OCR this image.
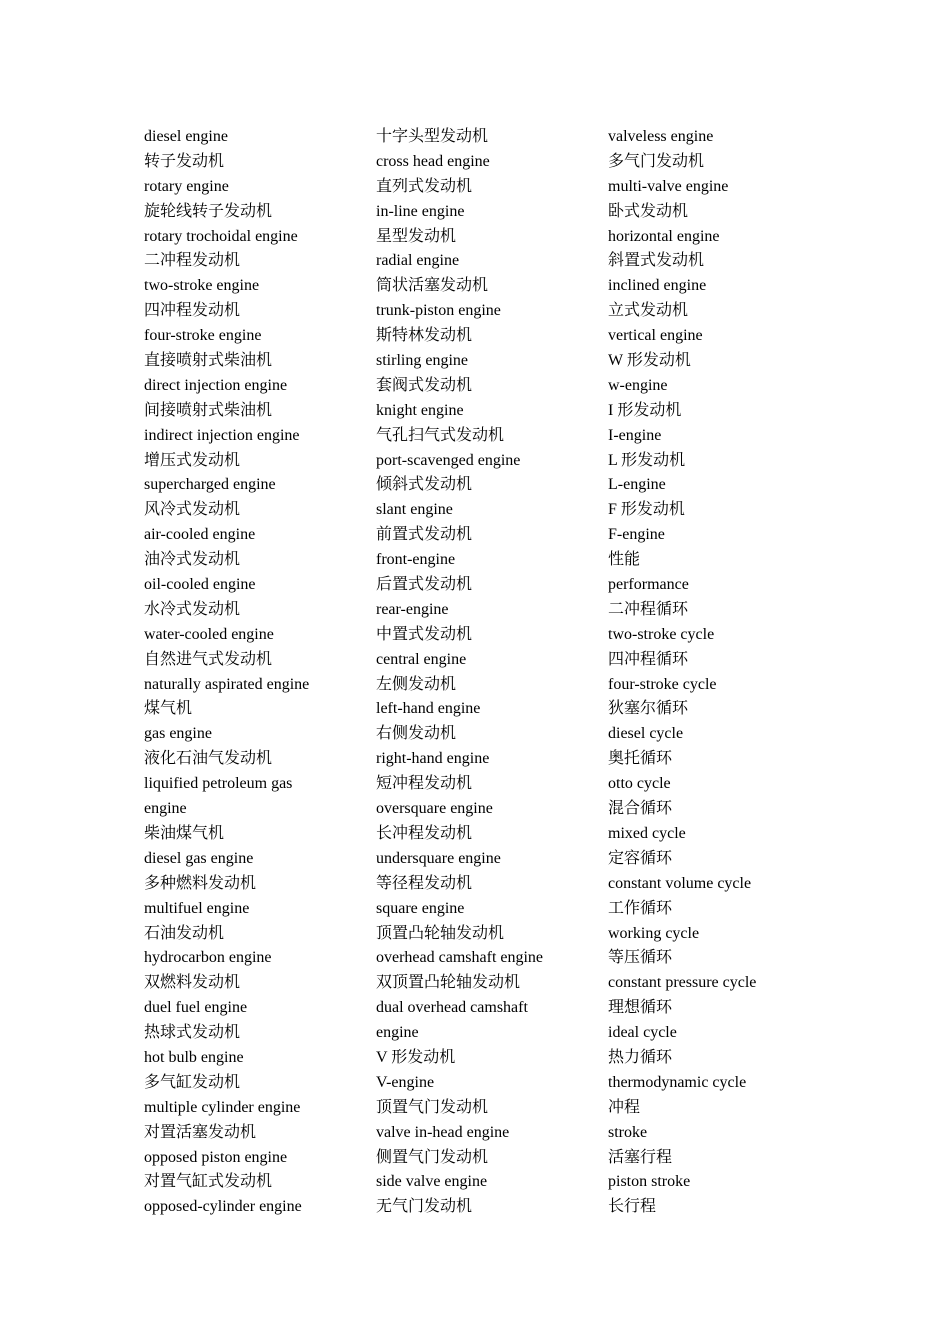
diesel engine
转子发动机
rotary engine
旋轮线转子发动机
rotary trochoidal engine
二冲程发动机
two-stroke engine
四冲程发动机
four-stroke engine
直接喷射式柴油机
direct injection engine
间接喷射式柴油机
indirect injection engine
增压式发动机
supercharged engine
风冷式发动机
air-cooled engine
油冷式发动机
oil-cooled engine
水冷式发动机
water-cooled engine
自然进气式发动机
naturally aspirated engine
煤气机
gas engine
液化石油气发动机
liquified petroleum gas
engine
柴油煤气机
diesel gas engine
多种燃料发动机
multifuel engine
石油发动机
hydrocarbon engine
双燃料发动机
duel fuel engine
热球式发动机
hot bulb engine
多气缸发动机
multiple cylinder engine
对置活塞发动机
opposed piston engine
对置气缸式发动机
opposed-cylinder engine
十字头型发动机
cross head engine
直列式发动机
in-line engine
星型发动机
radial engine
筒状活塞发动机
trunk-piston engine
斯特林发动机
stirling engine
套阀式发动机
knight engine
气孔扫气式发动机
port-scavenged engine
倾斜式发动机
slant engine
前置式发动机
front-engine
后置式发动机
rear-engine
中置式发动机
central engine
左侧发动机
left-hand engine
右侧发动机
right-hand engine
短冲程发动机
oversquare engine
长冲程发动机
undersquare engine
等径程发动机
square engine
顶置凸轮轴发动机
overhead camshaft engine
双顶置凸轮轴发动机
dual overhead camshaft
engine
V 形发动机
V-engine
顶置气门发动机
valve in-head engine
侧置气门发动机
side valve engine
无气门发动机
valveless engine
多气门发动机
multi-valve engine
卧式发动机
horizontal engine
斜置式发动机
inclined engine
立式发动机
vertical engine
W 形发动机
w-engine
I 形发动机
I-engine
L 形发动机
L-engine
F 形发动机
F-engine
性能
performance
二冲程循环
two-stroke cycle
四冲程循环
four-stroke cycle
狄塞尔循环
diesel cycle
奥托循环
otto cycle
混合循环
mixed cycle
定容循环
constant volume cycle
工作循环
working cycle
等压循环
constant pressure cycle
理想循环
ideal cycle
热力循环
thermodynamic cycle
冲程
stroke
活塞行程
piston stroke
长行程
